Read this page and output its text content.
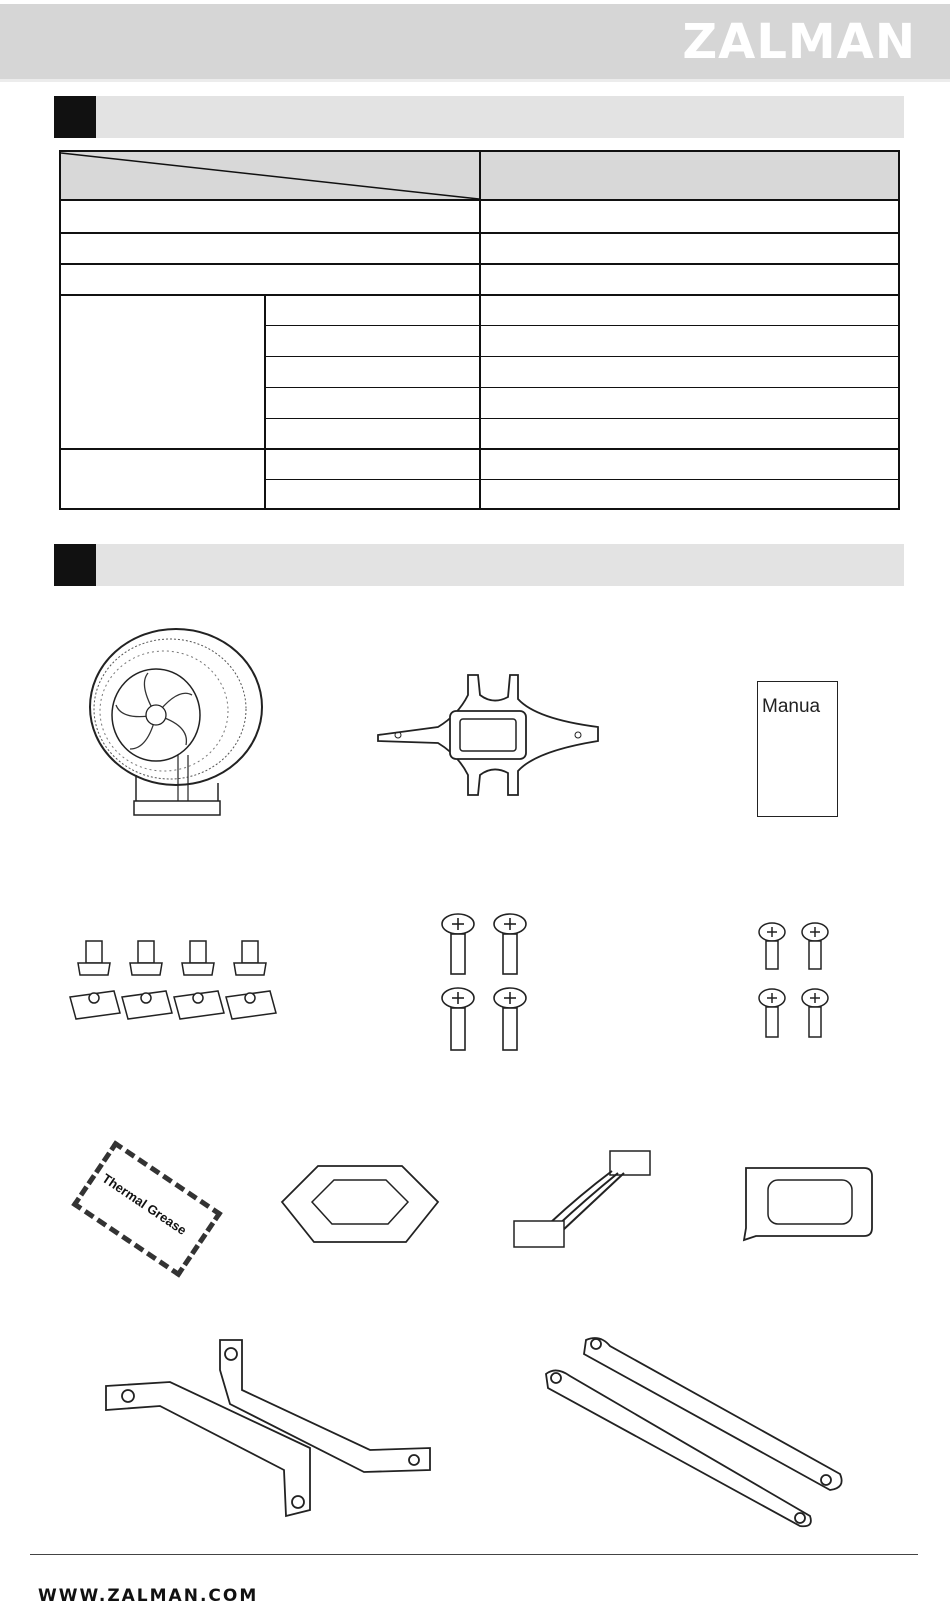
ZALMAN
Manua
Thermal Grease
WWW.ZALMAN.COM
